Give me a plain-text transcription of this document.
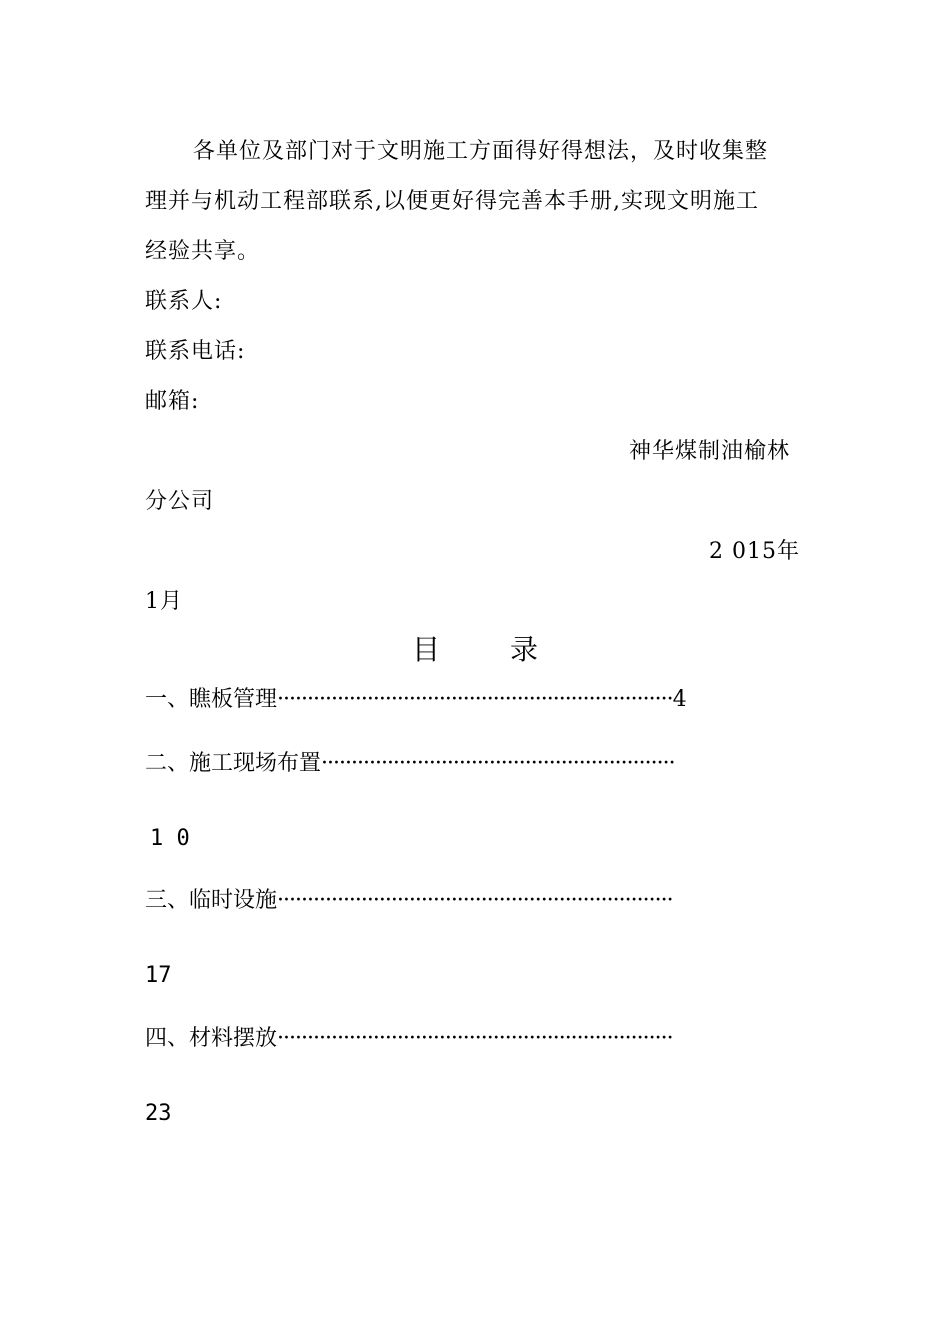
各单位及部门对于文明施工方面得好得想法，及时收集整
理并与机动工程部联系,以便更好得完善本手册,实现文明施工
经验共享。
联系人:
联系电话:
邮箱:
神华煤制油榆林
分公司
2 015年
1月
目	录
一、瞧板管理··································································4
二、施工现场布置···························································
1 0
三、临时设施··································································
17
四、材料摆放··································································
23
